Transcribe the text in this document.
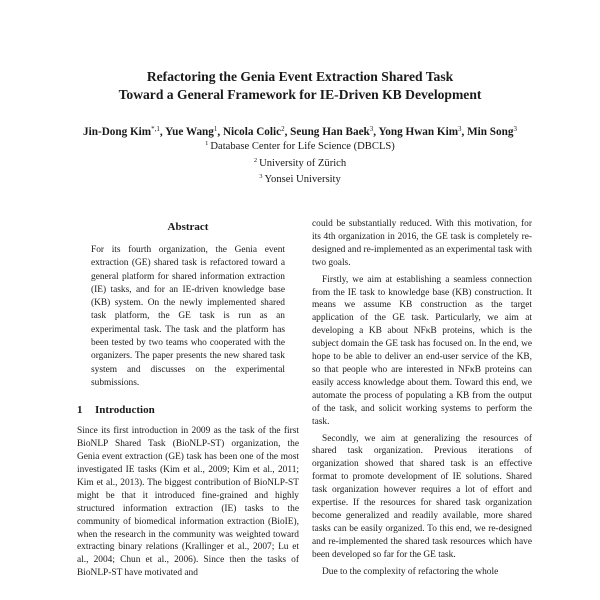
Refactoring the Genia Event Extraction Shared Task
Toward a General Framework for IE-Driven KB Development
Jin-Dong Kim$^{*,1}$, Yue Wang$^1$, Nicola Colic$^2$, Seung Han Baek$^3$, Yong Hwan Kim$^3$, Min Song$^3$
$^1$ Database Center for Life Science (DBCLS)
$^2$ University of Zürich
$^3$ Yonsei University
Abstract

For its fourth organization, the Genia event extraction (GE) shared task is refactored toward a general platform for shared information extraction (IE) tasks, and for an IE-driven knowledge base (KB) system. On the newly implemented shared task platform, the GE task is run as an experimental task. The task and the platform has been tested by two teams who cooperated with the organizers. The paper presents the new shared task system and discusses on the experimental submissions.

1 Introduction

Since its first introduction in 2009 as the task of the first BioNLP Shared Task (BioNLP-ST) organization, the Genia event extraction (GE) task has been one of the most investigated IE tasks (Kim et al., 2009; Kim et al., 2011; Kim et al., 2013). The biggest contribution of BioNLP-ST might be that it introduced fine-grained and highly structured information extraction (IE) tasks to the community of biomedical information extraction (BioIE), when the research in the community was weighted toward extracting binary relations (Krallinger et al., 2007; Lu et al., 2004; Chun et al., 2006). Since then the tasks of BioNLP-ST have motivated and

could be substantially reduced. With this motivation, for its 4th organization in 2016, the GE task is completely re-designed and re-implemented as an experimental task with two goals.

Firstly, we aim at establishing a seamless connection from the IE task to knowledge base (KB) construction. It means we assume KB construction as the target application of the GE task. Particularly, we aim at developing a KB about NFκB proteins, which is the subject domain the GE task has focused on. In the end, we hope to be able to deliver an end-user service of the KB, so that people who are interested in NFκB proteins can easily access knowledge about them. Toward this end, we automate the process of populating a KB from the output of the task, and solicit working systems to perform the task.

Secondly, we aim at generalizing the resources of shared task organization. Previous iterations of organization showed that shared task is an effective format to promote development of IE solutions. Shared task organization however requires a lot of effort and expertise. If the resources for shared task organization become generalized and readily available, more shared tasks can be easily organized. To this end, we re-designed and re-implemented the shared task resources which have been developed so far for the GE task.

Due to the complexity of refactoring the whole
